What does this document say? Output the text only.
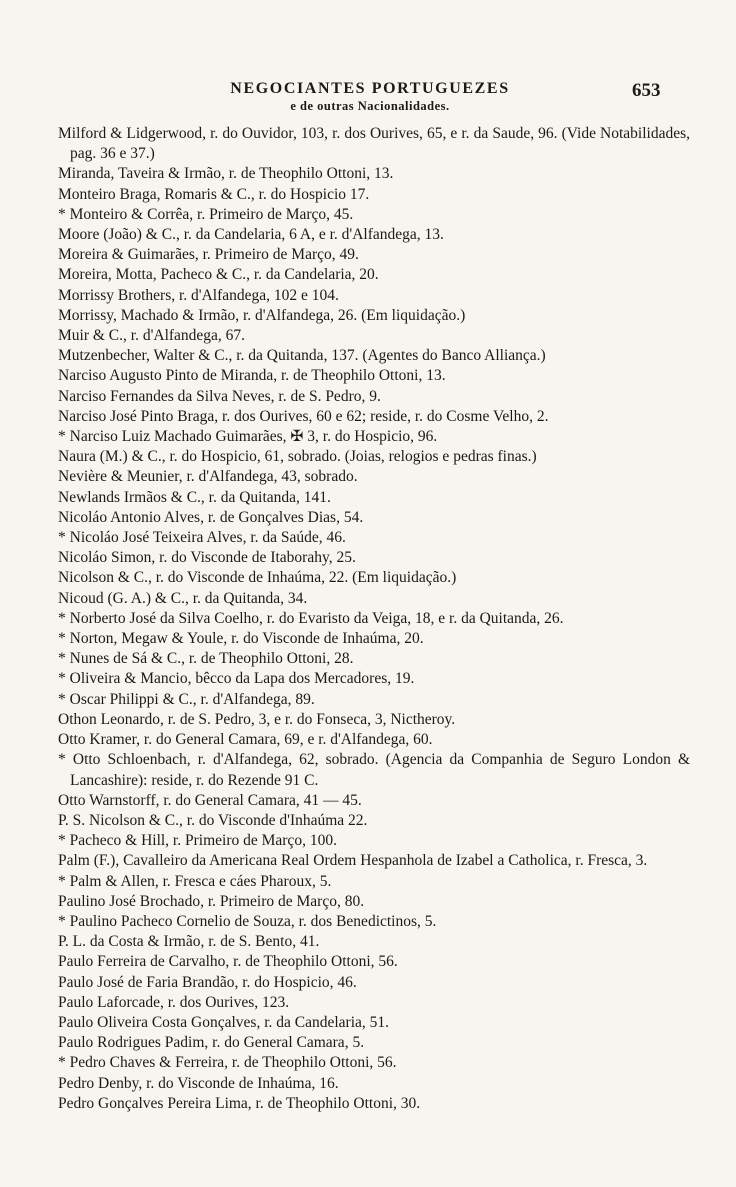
NEGOCIANTES PORTUGUEZES
e de outras Nacionalidades.
653
Milford & Lidgerwood, r. do Ouvidor, 103, r. dos Ourives, 65, e r. da Saude, 96. (Vide Notabilidades, pag. 36 e 37.)
Miranda, Taveira & Irmão, r. de Theophilo Ottoni, 13.
Monteiro Braga, Romaris & C., r. do Hospicio 17.
* Monteiro & Corrêa, r. Primeiro de Março, 45.
Moore (João) & C., r. da Candelaria, 6 A, e r. d'Alfandega, 13.
Moreira & Guimarães, r. Primeiro de Março, 49.
Moreira, Motta, Pacheco & C., r. da Candelaria, 20.
Morrissy Brothers, r. d'Alfandega, 102 e 104.
Morrissy, Machado & Irmão, r. d'Alfandega, 26. (Em liquidação.)
Muir & C., r. d'Alfandega, 67.
Mutzenbecher, Walter & C., r. da Quitanda, 137. (Agentes do Banco Alliança.)
Narciso Augusto Pinto de Miranda, r. de Theophilo Ottoni, 13.
Narciso Fernandes da Silva Neves, r. de S. Pedro, 9.
Narciso José Pinto Braga, r. dos Ourives, 60 e 62; reside, r. do Cosme Velho, 2.
* Narciso Luiz Machado Guimarães, ✠ 3, r. do Hospicio, 96.
Naura (M.) & C., r. do Hospicio, 61, sobrado. (Joias, relogios e pedras finas.)
Nevière & Meunier, r. d'Alfandega, 43, sobrado.
Newlands Irmãos & C., r. da Quitanda, 141.
Nicoláo Antonio Alves, r. de Gonçalves Dias, 54.
* Nicoláo José Teixeira Alves, r. da Saúde, 46.
Nicoláo Simon, r. do Visconde de Itaborahy, 25.
Nicolson & C., r. do Visconde de Inhaúma, 22. (Em liquidação.)
Nicoud (G. A.) & C., r. da Quitanda, 34.
* Norberto José da Silva Coelho, r. do Evaristo da Veiga, 18, e r. da Quitanda, 26.
* Norton, Megaw & Youle, r. do Visconde de Inhaúma, 20.
* Nunes de Sá & C., r. de Theophilo Ottoni, 28.
* Oliveira & Mancio, bêcco da Lapa dos Mercadores, 19.
* Oscar Philippi & C., r. d'Alfandega, 89.
Othon Leonardo, r. de S. Pedro, 3, e r. do Fonseca, 3, Nictheroy.
Otto Kramer, r. do General Camara, 69, e r. d'Alfandega, 60.
* Otto Schloenbach, r. d'Alfandega, 62, sobrado. (Agencia da Companhia de Seguro London & Lancashire): reside, r. do Rezende 91 C.
Otto Warnstorff, r. do General Camara, 41 — 45.
P. S. Nicolson & C., r. do Visconde d'Inhaúma 22.
* Pacheco & Hill, r. Primeiro de Março, 100.
Palm (F.), Cavalleiro da Americana Real Ordem Hespanhola de Izabel a Catholica, r. Fresca, 3.
* Palm & Allen, r. Fresca e cáes Pharoux, 5.
Paulino José Brochado, r. Primeiro de Março, 80.
* Paulino Pacheco Cornelio de Souza, r. dos Benedictinos, 5.
P. L. da Costa & Irmão, r. de S. Bento, 41.
Paulo Ferreira de Carvalho, r. de Theophilo Ottoni, 56.
Paulo José de Faria Brandão, r. do Hospicio, 46.
Paulo Laforcade, r. dos Ourives, 123.
Paulo Oliveira Costa Gonçalves, r. da Candelaria, 51.
Paulo Rodrigues Padim, r. do General Camara, 5.
* Pedro Chaves & Ferreira, r. de Theophilo Ottoni, 56.
Pedro Denby, r. do Visconde de Inhaúma, 16.
Pedro Gonçalves Pereira Lima, r. de Theophilo Ottoni, 30.
